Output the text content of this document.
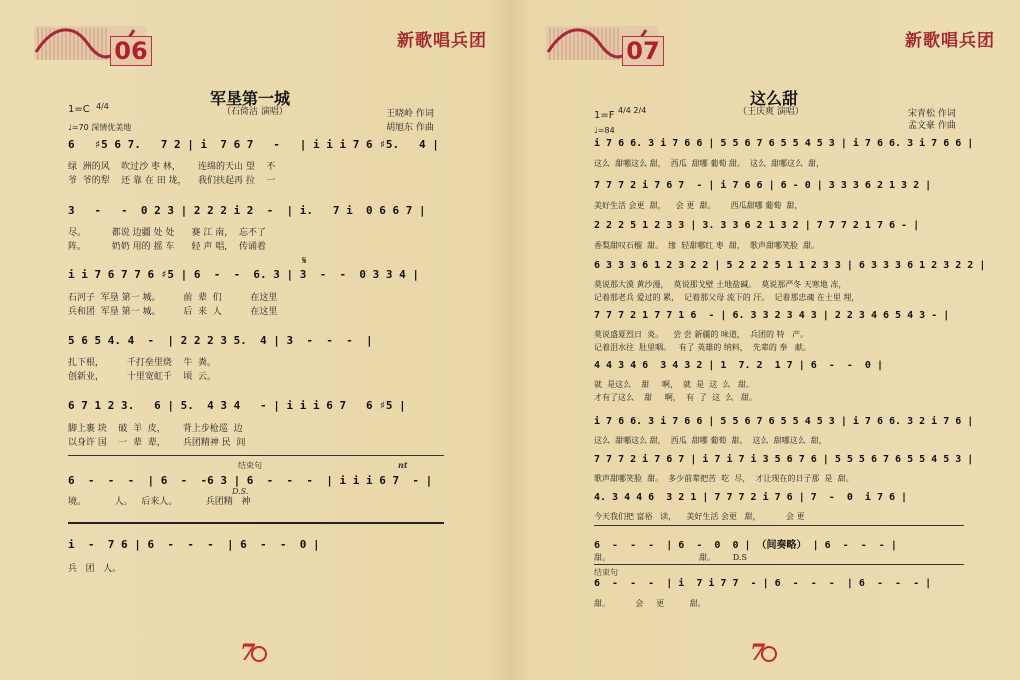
06	新歌唱兵团
军垦第一城
（石倚洁 演唱）
1=C 4/4
♩=70 深情优美地
王晓岭 作词
胡旭东 作曲
6   ♯5 6 7.   7 2 | i  7 6 7   -   | i i i 7 6 ♯5.   4 |
绿  洲的风    吹过沙 枣 林，      连绵的天山 望    不
爷  爷的犁    还 靠 在 田 垅，    我们扶起再 拉    一
3   -   -  0 2 3 | 2 2 2 i 2  -  | i.   7 i  0 6 6 7 |
尽。         都说 边疆 处 处      赛 江 南，  忘不了
阵。         奶奶 用的 摇 车      轻 声 唱，  传诵着
𝄋
i i 7 6 7 7 6 ♯5 | 6  -  -  6. 3 | 3  -  -  0 3 3 4 |
石河子  军垦 第一 城。        前  辈  们          在这里
兵和团  军垦 第一 城。        后  来  人          在这里
5 6 5 4. 4  -  | 2 2 2 3 5.  4 | 3  -  -  -  |
扎下根，        千打垒里烧    牛  粪。
创新业，        十里宽虹千    顷  云。
6 7 1 2 3.   6 | 5.  4 3 4   - | i i i 6 7   6 ♯5 |
脚上裹 块    破  羊  皮，      背上步枪巡  边
以身许 国    一  辈  辈，      兵团精神 民  间
结束句	nt
6  -  -  -  | 6  -  -6 3 | 6  -  -  -  | i i i 6 7  - |
境。          人。   后来人。          兵团精   神
D.S.
i  -  7 6 | 6  -  -  -  | 6  -  -  0 |
兵   团   人。
7
07	新歌唱兵团
这么甜
（王庆爽 演唱）
1=F 4/4 2/4
♩=84
宋青松 作词
孟文豪 作曲
i 7 6 6. 3 i 7 6 6 | 5 5 6 7 6 5 5 4 5 3 | i 7 6 6. 3 i 7 6 6 |
这么  甜哪这么 甜，  西瓜  甜哪 葡萄 甜。  这么  甜哪这么  甜，
7 7 7 2 i 7 6 7  - | i 7 6 6 | 6 - 0 | 3 3 3 6 2 1 3 2 |
美好生活 会更  甜，    会 更  甜。      西瓜甜哪 葡萄  甜，
2 2 2 5 1 2 3 3 | 3. 3 3 6 2 1 3 2 | 7 7 7 2 1 7 6 - |
香梨甜叹石榴  甜。  缘  轻甜哪红 枣  甜，  歌声甜哪笑脸  甜。
6 3 3 3 6 1 2 3 2 2 | 5 2 2 2 5 1 1 2 3 3 | 6 3 3 3 6 1 2 3 2 2 |
莫说那大漠 黄沙漫，  莫说那戈壁 土地盐碱。  莫说那严冬 天寒地 冻，
记着那老兵 爱过的 累，  记着那父母 流下的 汗。  记着那忠魂 在土里 埋，
7 7 7 2 1 7 7 1 6  - | 6. 3 3 2 3 4 3 | 2 2 3 4 6 5 4 3 - |
莫说盛夏烈日  炎。    尝 尝 新疆的 味道，  兵团的 特   产。
记着泪水往  肚里咽。   有了 英雄的 纳料，  先辈的 奉   献。
4 4 3 4 6  3 4 3 2 | 1  7. 2  1 7 | 6  -  -  0 |
就  是这么    甜     啊，  就  是  这  么   甜。
才有了这么    甜     啊，  有  了  这  么   甜。
i 7 6 6. 3 i 7 6 6 | 5 5 6 7 6 5 5 4 5 3 | i 7 6 6. 3 2 i 7 6 |
这么  甜哪这么 甜，  西瓜  甜哪 葡萄  甜。  这么  甜哪这么  甜，
7 7 7 2 i 7 6 7 | i 7 i 7 i 3 5 6 7 6 | 5 5 5 6 7 6 5 5 4 5 3 |
歌声甜哪笑脸  甜。  多少前辈把苦  吃  尽，  才让现在的日子那  是  甜。
4. 3 4 4 6  3 2 1 | 7 7 7 2 i 7 6 | 7  -  0  i 7 6 |
今天我们把 富裕   读，    美好生活 会更   甜，          会 更
6  -  -  -  | 6  -  0  0 | （间奏略） | 6  -  -  - |
甜。                                   甜。       D.S
结束句
6  -  -  -  | i  7 i 7 7  - | 6  -  -  -  | 6  -  -  - |
甜。          会     更          甜。
7
